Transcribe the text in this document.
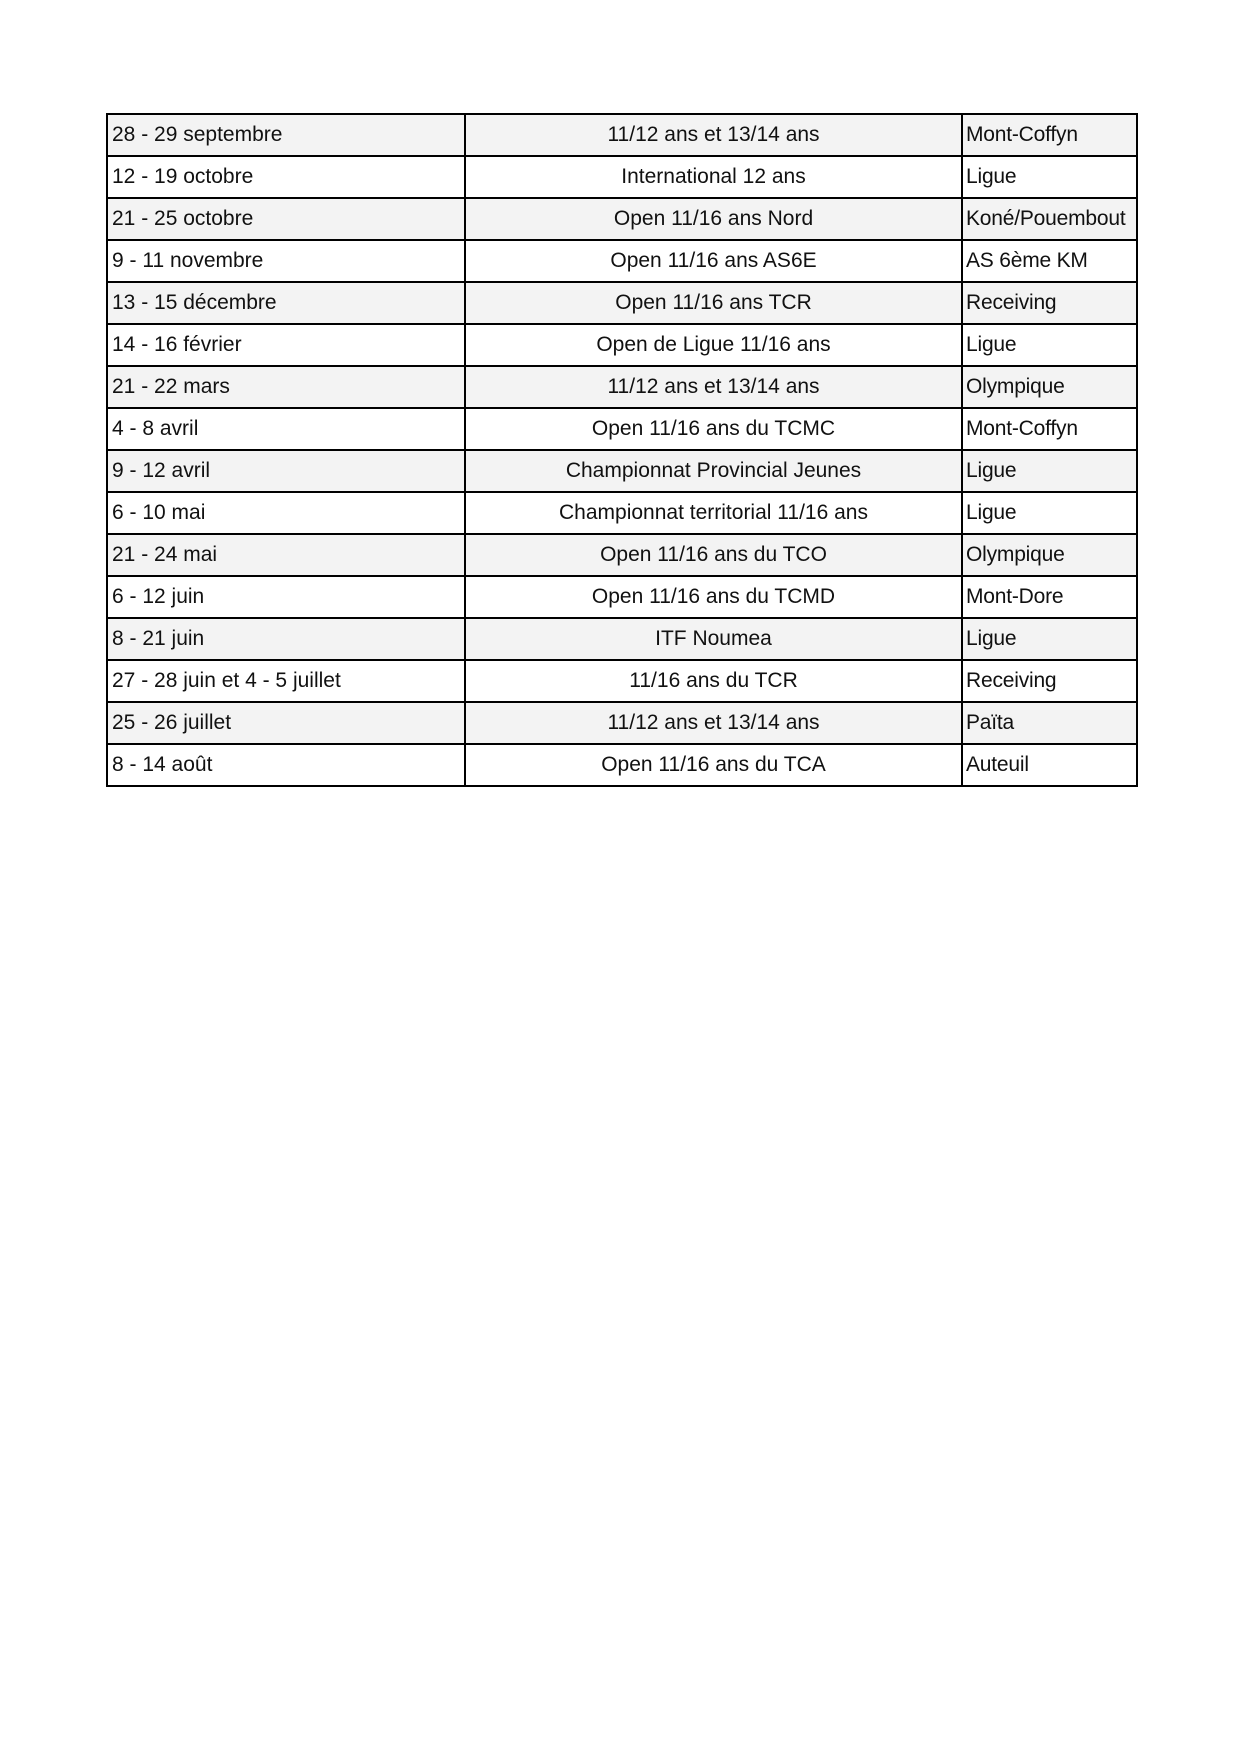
28 - 29 septembre	11/12 ans et 13/14 ans	Mont-Coffyn
12 - 19 octobre	International 12 ans	Ligue
21 - 25 octobre	Open 11/16 ans Nord	Koné/Pouembout
9 - 11 novembre	Open 11/16 ans AS6E	AS 6ème KM
13 - 15 décembre	Open 11/16 ans TCR	Receiving
14 - 16 février	Open de Ligue 11/16 ans	Ligue
21 - 22 mars	11/12 ans et 13/14 ans	Olympique
4 - 8 avril	Open 11/16 ans du TCMC	Mont-Coffyn
9 - 12 avril	Championnat Provincial Jeunes	Ligue
6 - 10 mai	Championnat territorial 11/16 ans	Ligue
21 - 24 mai	Open 11/16 ans du TCO	Olympique
6 - 12 juin	Open 11/16 ans du TCMD	Mont-Dore
8 - 21 juin	ITF Noumea	Ligue
27 - 28 juin et 4 - 5 juillet	11/16 ans du TCR	Receiving
25 - 26 juillet	11/12 ans et 13/14 ans	Païta
8 - 14 août	Open 11/16 ans du TCA	Auteuil
